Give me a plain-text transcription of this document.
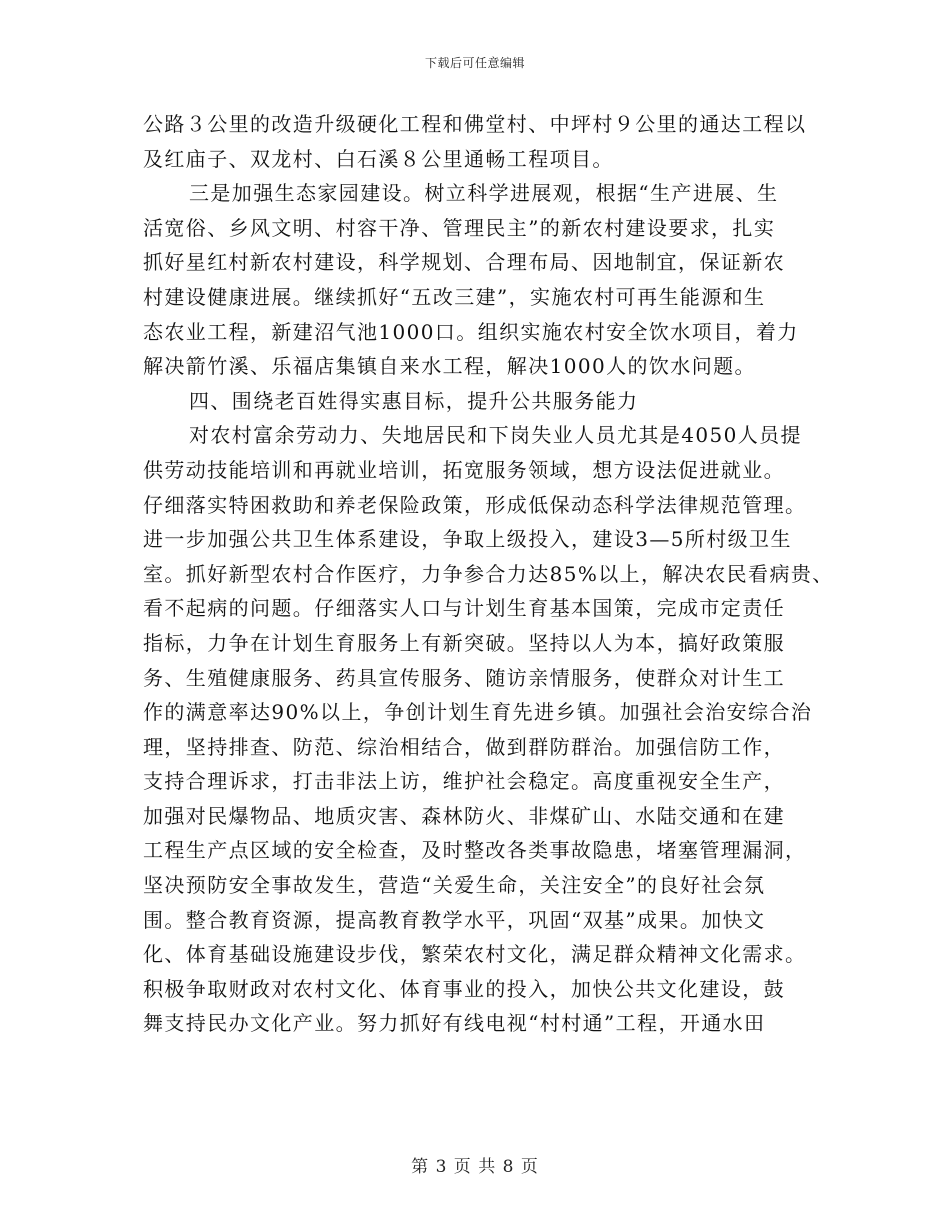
下载后可任意编辑
公路３公里的改造升级硬化工程和佛堂村、中坪村９公里的通达工程以
及红庙子、双龙村、白石溪８公里通畅工程项目。
三是加强生态家园建设。树立科学进展观，根据“生产进展、生
活宽俗、乡风文明、村容干净、管理民主”的新农村建设要求，扎实
抓好星红村新农村建设，科学规划、合理布局、因地制宜，保证新农
村建设健康进展。继续抓好“五改三建”，实施农村可再生能源和生
态农业工程，新建沼气池1000口。组织实施农村安全饮水项目，着力
解决箭竹溪、乐福店集镇自来水工程，解决1000人的饮水问题。
四、围绕老百姓得实惠目标，提升公共服务能力
对农村富余劳动力、失地居民和下岗失业人员尤其是4050人员提
供劳动技能培训和再就业培训，拓宽服务领域，想方设法促进就业。
仔细落实特困救助和养老保险政策，形成低保动态科学法律规范管理。
进一步加强公共卫生体系建设，争取上级投入，建设3—5所村级卫生
室。抓好新型农村合作医疗，力争参合力达85%以上，解决农民看病贵、
看不起病的问题。仔细落实人口与计划生育基本国策，完成市定责任
指标，力争在计划生育服务上有新突破。坚持以人为本，搞好政策服
务、生殖健康服务、药具宣传服务、随访亲情服务，使群众对计生工
作的满意率达90%以上，争创计划生育先进乡镇。加强社会治安综合治
理，坚持排查、防范、综治相结合，做到群防群治。加强信防工作，
支持合理诉求，打击非法上访，维护社会稳定。高度重视安全生产，
加强对民爆物品、地质灾害、森林防火、非煤矿山、水陆交通和在建
工程生产点区域的安全检查，及时整改各类事故隐患，堵塞管理漏洞，
坚决预防安全事故发生，营造“关爱生命，关注安全”的良好社会氛
围。整合教育资源，提高教育教学水平，巩固“双基”成果。加快文
化、体育基础设施建设步伐，繁荣农村文化，满足群众精神文化需求。
积极争取财政对农村文化、体育事业的投入，加快公共文化建设，鼓
舞支持民办文化产业。努力抓好有线电视“村村通”工程，开通水田
第 3 页 共 8 页
